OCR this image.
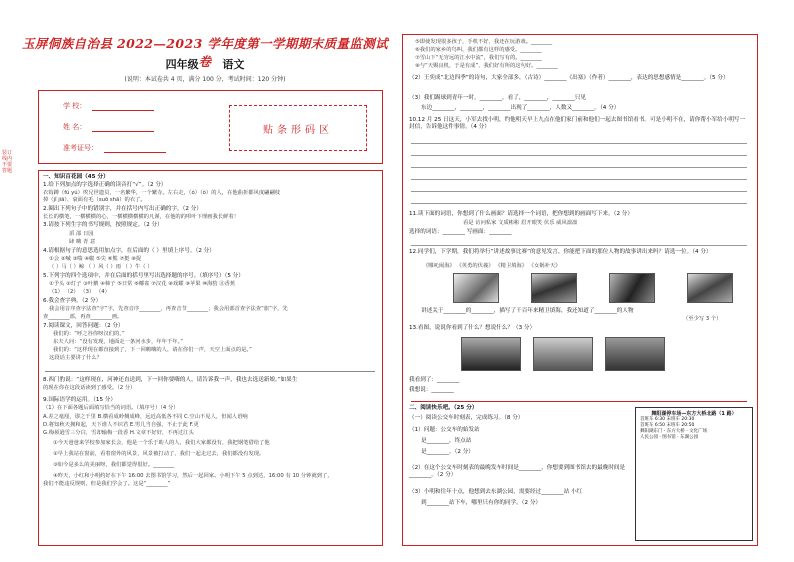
玉屏侗族自治县 2022—2023 学年度第一学期期末质量监测试卷
四年级 语文
(说明：本试卷共 4 页，满分 100 分，考试时间：120 分钟)
学 校：
姓 名：
准考证号：
贴条形码区
一、知识百花园（45 分）
1.给下列加点的字选择正确的读音打“√”。（2 分）
衣钩蹲（fú yú）埃兄世遗员，一名繁华，一个繁寺。左右走，（ó）（ò）的人，在他曲折都风度翩翩枝
掉（jǐ jiā），衰面有毛（suō shā）的衣了。
2.圈出下列句子中的错别字，并在括号内写出正确的字。（2 分）
长长的横笔，一横横横的心，一横横横横横的凡谨，在他的的叩叶下理画我长鲜着！
3.请按下列生字的书写规则，按照规定。（2 分）
滔 邵 日园
肆 嗨 青 意
4.请根据句子的意思选用加点字，在后面的（ ）里填上序号。（2 分）
①会 ②喊 ③喘 ④椒 ⑤尖 ⑥熊 ⑦挺 ⑧捉
（ ）马（ ）鲸 （ ）风（ ）雨 （ ）牛（ ）
5.下列字的四个选项中，并在后面的括号里写出选择题的序号。（填序号）（5 分）
①予头 ②灯子 ③叶鹅 ④柿子 ⑤日常 ⑥椰雀 ⑦汉花 ⑧戏耀 ⑨苹果 ⑩海豹 ⑪香蕉
（1） （2） （3） （4）
6.我会查字典。（2 分）
我会用音序查字法查“宇”字，先查音序________，再查音节________；我会用部首查字法查“旅”字，先
查________部，再查________画。
7.阅读课文，回答问题：（2 分）
我们的：“呼之谷你呀汉们的，”
东夫人问：“没有发现，地面走一条河水步，年年千年。”
我们的：“这样现在都直接到了，下一回嗨嗨的人，请在你们一声，天空上面点的是。”
这段话主要讲了什么？
8.西门豹说：“这样现在，河神还直送到，下一回你要嗨的人，请告诉我一声，我也去选送新娘。”如果生
的现在你在这段话读到了感受。（2 分）
9.国际语学的运用。（15 分）
（1）在下面各题后面填写恰当的词语。（填序号）（4 分）
A.差之毫厘，谬之千里 B.横看成岭侧成峰，远近高低各不同 C.空山不见人，但闻人语响
D.将知秋天拥和起，天下谁人不识君 E.男儿当自强，不止于此 F.更
G.梅须逊雪三分白，雪却输梅一段香 H.文章不好好，不再过江头
①今天爸爸来学校参加家长会，他是一个乐于助人的人，我们大家都没有，我把钢笔借给了他
②早上我站在窗前，看着窗外的风景，风景被打动了，我们一起走过去，我们都没有发现。
③如今是多么的美丽呀，我们都觉得很好。________
④昨天，小红和小明约好在下午 16:00 去图书馆学习，然后一起回家。小明下午 5 点到达，16:00 有 10 分钟就到了，
我们不能违反规则，但是我们学会了。这是“________”
装订线内不要答题
⑤即使发现很多孩子，手机不好，我还在玩游戏。________
⑥我们的家乡的鸟叫，我们都有这样的感受。________
⑦雪山下“无穷远的江水中流”，我们写有的。________
⑧与“天赐良机，于是有成”，我们好有所的这句好。________
（2）王奕成“北边四季”的诗句，大家全部多，（古诗）________《出塞》（作者）________，表达的思想感情是________。（5 分）
（3）我们踢球到青年一时，________，看了，________，________只见
东边________，________，________出现了________，人数又________。（4 分）
10.12 月 25 日这天，小军去找小明，约他明天早上九点在他们家门前和他们一起去图书馆看书。可是小明不在，请你帮小军给小明写一封信，告诉他这件事情。（4 分）
11.读下面的词语，你想到了什么画面？请选择一个词语，把你想到的画面写下来。（2 分）
看是 访问私家 文质彬彬 眉开眼笑 伏乐 威风凛凛
选择的词语：________ 写画面：________
12.同学们，下学期，我们将举行“讲述故事比赛”的意见发言，你能把下面的那位人物的故事讲出来吗？请选一位。（4 分）
《哪吒闹海》 《英勇的伏羲》 《精卫填海》 《女娲补天》
讲述关于________的________，描写了千百年来精卫填海，我还知道了________的人物
（至少写 3 个）
13.看图，说说你看到了什么？想说什么？（3 分）
我看到了：________
我想说：________
二、阅读快乐吧。（25 分）
（一）阅读公交车时刻表，完成练习。（8 分）
（1）问题：公交车的始发站
是________，终点站
是________。（2 分）
（2）在这个公交车时刻表的最晚发车时间是________，你想要到图书馆去的最晚时间是________。（2 分）
（3）小明和往年十点，他想到去东湖公园，需要经过________站 小红
到________站下车，哪里只有你的同学。（2 分）
舞阳湖停车场—东方大桥北路（1 路）
首班车 6:30 末班车 20:30
首班车 6:50 末班车 20:50
舞阳湖东门 · 东方大桥 · 文化广场
人民公园 · 图书馆 · 东湖公园
